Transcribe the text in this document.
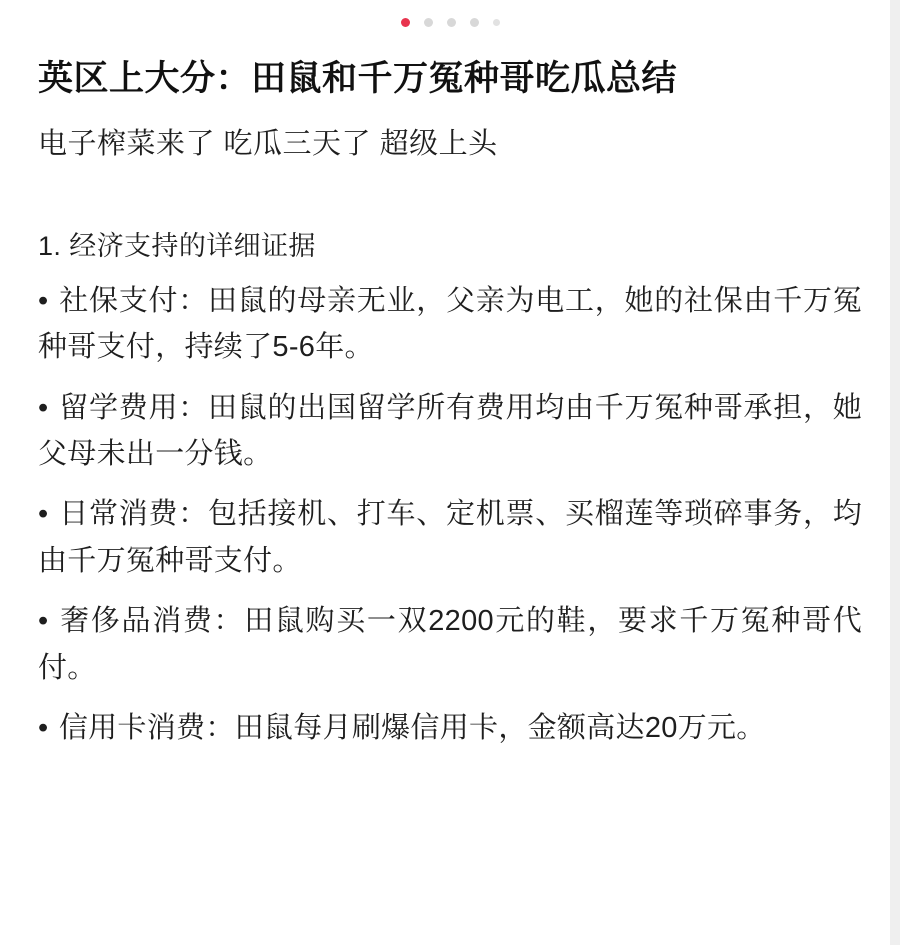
英区上大分：田鼠和千万冤种哥吃瓜总结
电子榨菜来了 吃瓜三天了 超级上头
1. 经济支持的详细证据
• 社保支付：田鼠的母亲无业，父亲为电工，她的社保由千万冤种哥支付，持续了5-6年。
• 留学费用：田鼠的出国留学所有费用均由千万冤种哥承担，她父母未出一分钱。
• 日常消费：包括接机、打车、定机票、买榴莲等琐碎事务，均由千万冤种哥支付。
• 奢侈品消费：田鼠购买一双2200元的鞋，要求千万冤种哥代付。
• 信用卡消费：田鼠每月刷爆信用卡，金额高达20万元。
